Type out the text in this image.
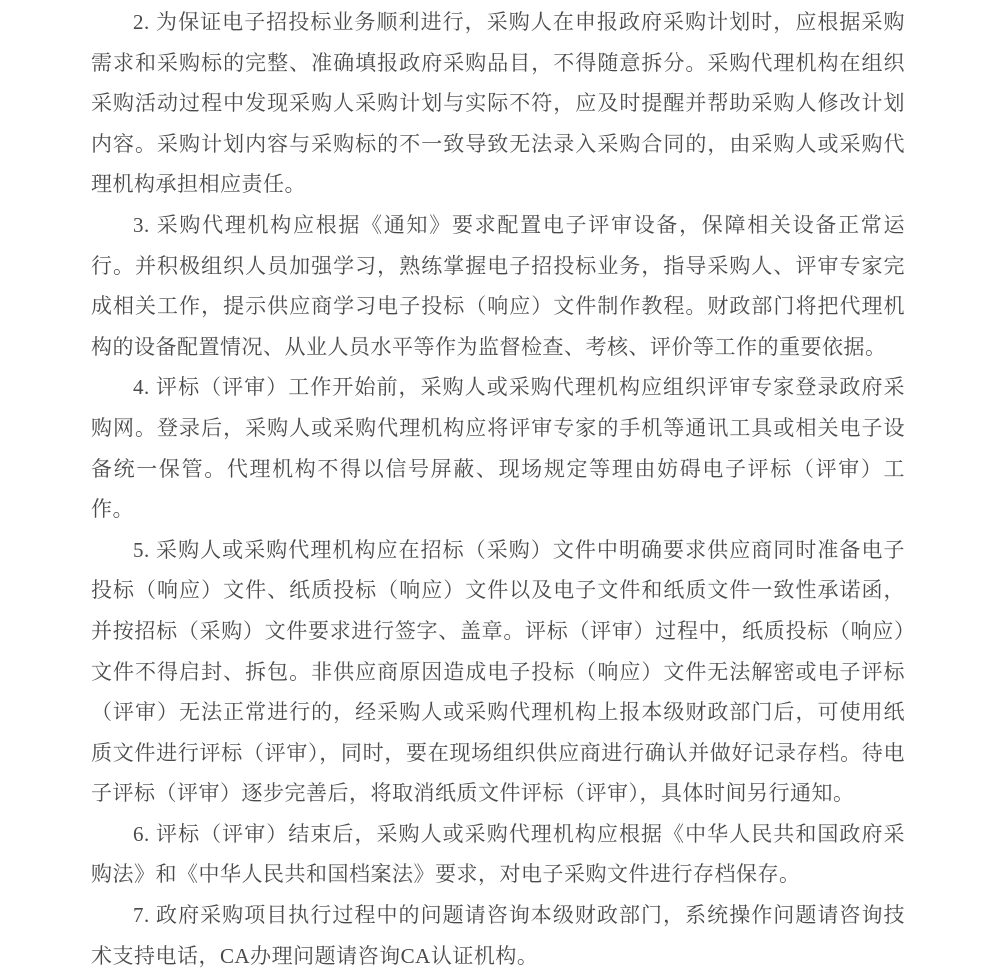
2. 为保证电子招投标业务顺利进行，采购人在申报政府采购计划时，应根据采购需求和采购标的完整、准确填报政府采购品目，不得随意拆分。采购代理机构在组织采购活动过程中发现采购人采购计划与实际不符，应及时提醒并帮助采购人修改计划内容。采购计划内容与采购标的不一致导致无法录入采购合同的，由采购人或采购代理机构承担相应责任。

3. 采购代理机构应根据《通知》要求配置电子评审设备，保障相关设备正常运行。并积极组织人员加强学习，熟练掌握电子招投标业务，指导采购人、评审专家完成相关工作，提示供应商学习电子投标（响应）文件制作教程。财政部门将把代理机构的设备配置情况、从业人员水平等作为监督检查、考核、评价等工作的重要依据。

4. 评标（评审）工作开始前，采购人或采购代理机构应组织评审专家登录政府采购网。登录后，采购人或采购代理机构应将评审专家的手机等通讯工具或相关电子设备统一保管。代理机构不得以信号屏蔽、现场规定等理由妨碍电子评标（评审）工作。

5. 采购人或采购代理机构应在招标（采购）文件中明确要求供应商同时准备电子投标（响应）文件、纸质投标（响应）文件以及电子文件和纸质文件一致性承诺函，并按招标（采购）文件要求进行签字、盖章。评标（评审）过程中，纸质投标（响应）文件不得启封、拆包。非供应商原因造成电子投标（响应）文件无法解密或电子评标（评审）无法正常进行的，经采购人或采购代理机构上报本级财政部门后，可使用纸质文件进行评标（评审），同时，要在现场组织供应商进行确认并做好记录存档。待电子评标（评审）逐步完善后，将取消纸质文件评标（评审），具体时间另行通知。

6. 评标（评审）结束后，采购人或采购代理机构应根据《中华人民共和国政府采购法》和《中华人民共和国档案法》要求，对电子采购文件进行存档保存。

7. 政府采购项目执行过程中的问题请咨询本级财政部门，系统操作问题请咨询技术支持电话，CA办理问题请咨询CA认证机构。
